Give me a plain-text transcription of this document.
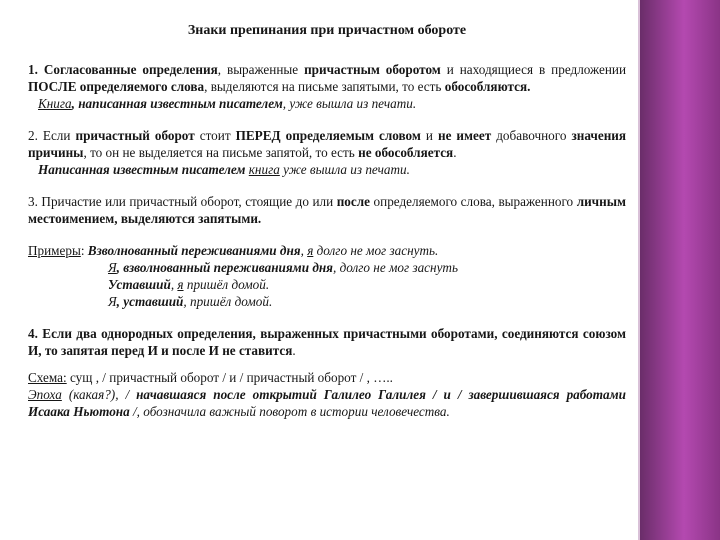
Знаки препинания при причастном обороте

1. Согласованные определения, выраженные причастным оборотом и находящиеся в предложении ПОСЛЕ определяемого слова, выделяются на письме запятыми, то есть обособляются.

Книга, написанная известным писателем, уже вышла из печати.

2. Если причастный оборот стоит ПЕРЕД определяемым словом и не имеет добавочного значения причины, то он не выделяется на письме запятой, то есть не обособляется.

Написанная известным писателем книга уже вышла из печати.

3. Причастие или причастный оборот, стоящие до или после определяемого слова, выраженного личным местоимением, выделяются запятыми.

Примеры: Взволнованный переживаниями дня, я долго не мог заснуть.

Я, взволнованный переживаниями дня, долго не мог заснуть

Уставший, я пришёл домой.

Я, уставший, пришёл домой.

4. Если два однородных определения, выраженных причастными оборотами, соединяются союзом И, то запятая перед И и после И не ставится.

Схема: сущ , / причастный оборот / и / причастный оборот / , …..

Эпоха (какая?), / начавшаяся после открытий Галилео Галилея / и / завершившаяся работами Исаака Ньютона /, обозначила важный поворот в истории человечества.
